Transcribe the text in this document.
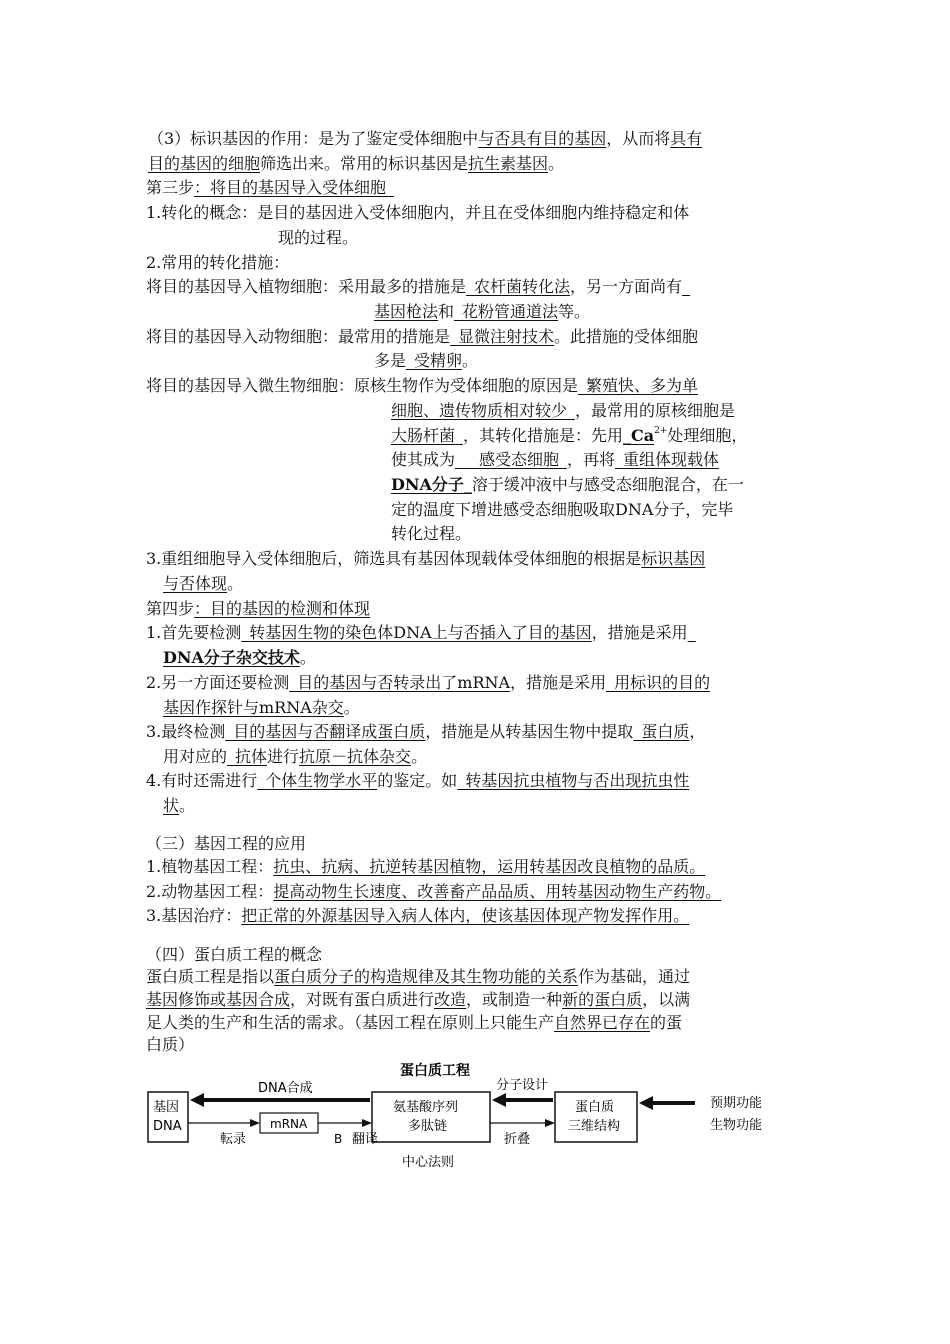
（3）标识基因的作用：是为了鉴定受体细胞中与否具有目的基因，从而将具有
目的基因的细胞筛选出来。常用的标识基因是抗生素基因。
第三步：将目的基因导入受体细胞_
1.转化的概念：是目的基因进入受体细胞内，并且在受体细胞内维持稳定和体
现的过程。
2.常用的转化措施：
将目的基因导入植物细胞：采用最多的措施是_农杆菌转化法，另一方面尚有_
基因枪法和_花粉管通道法等。
将目的基因导入动物细胞：最常用的措施是_显微注射技术。此措施的受体细胞
多是_受精卵。
将目的基因导入微生物细胞：原核生物作为受体细胞的原因是_繁殖快、多为单
细胞、遗传物质相对较少_，最常用的原核细胞是
大肠杆菌_，其转化措施是：先用$\_Ca^{2+}$处理细胞，
使其成为___感受态细胞_，再将_重组体现载体
DNA分子_溶于缓冲液中与感受态细胞混合，在一
定的温度下增进感受态细胞吸取DNA分子，完毕
转化过程。
3.重组细胞导入受体细胞后，筛选具有基因体现载体受体细胞的根据是标识基因
与否体现。
第四步：目的基因的检测和体现
1.首先要检测_转基因生物的染色体DNA上与否插入了目的基因，措施是采用_
DNA分子杂交技术。
2.另一方面还要检测_目的基因与否转录出了mRNA，措施是采用_用标识的目的
基因作探针与mRNA杂交。
3.最终检测_目的基因与否翻译成蛋白质，措施是从转基因生物中提取_蛋白质，
用对应的_抗体进行抗原－抗体杂交。
4.有时还需进行_个体生物学水平的鉴定。如_转基因抗虫植物与否出现抗虫性
状。
（三）基因工程的应用
1.植物基因工程：抗虫、抗病、抗逆转基因植物，运用转基因改良植物的品质。
2.动物基因工程：提高动物生长速度、改善畜产品品质、用转基因动物生产药物。
3.基因治疗：把正常的外源基因导入病人体内，使该基因体现产物发挥作用。
（四）蛋白质工程的概念
蛋白质工程是指以蛋白质分子的构造规律及其生物功能的关系作为基础，通过
基因修饰或基因合成，对既有蛋白质进行改造，或制造一种新的蛋白质，以满
足人类的生产和生活的需求。（基因工程在原则上只能生产自然界已存在的蛋
白质）
蛋白质工程
基因
DNA	mRNA
氨基酸序列
多肽链
蛋白质
三维结构
DNA合成	分子设计
预期功能
生物功能
転录	B 翻译	折叠
中心法则
